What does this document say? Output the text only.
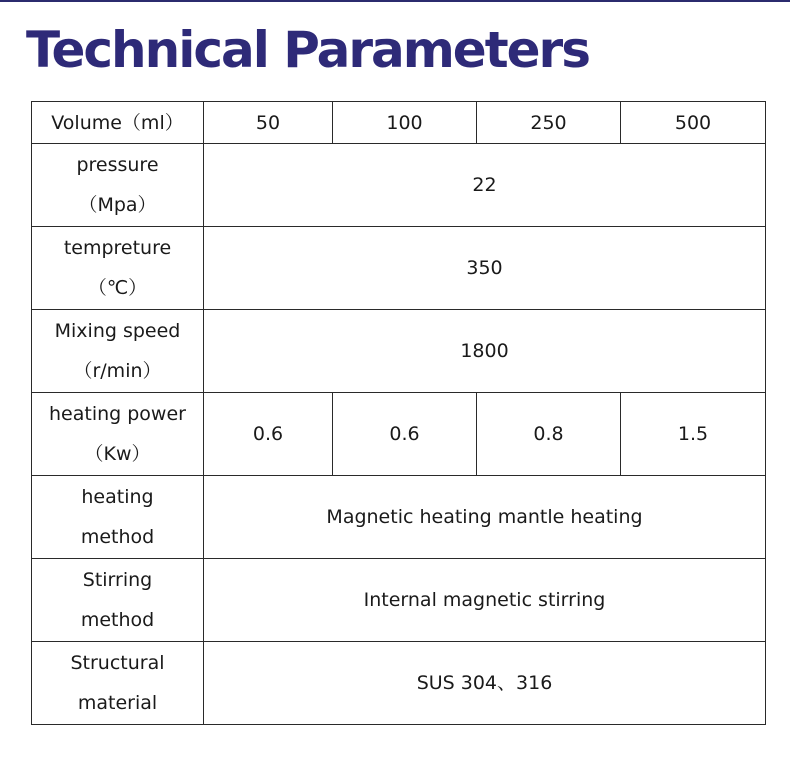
Technical Parameters
Volume（ml）	50	100	250	500

pressure
（Mpa）	22			

tempreture
（℃）	350			

Mixing speed
（r/min）	1800			

heating power
（Kw）	0.6	0.6	0.8	1.5

heating
method	Magnetic heating mantle heating			

Stirring
method	Internal magnetic stirring			

Structural
material	SUS 304、316			
